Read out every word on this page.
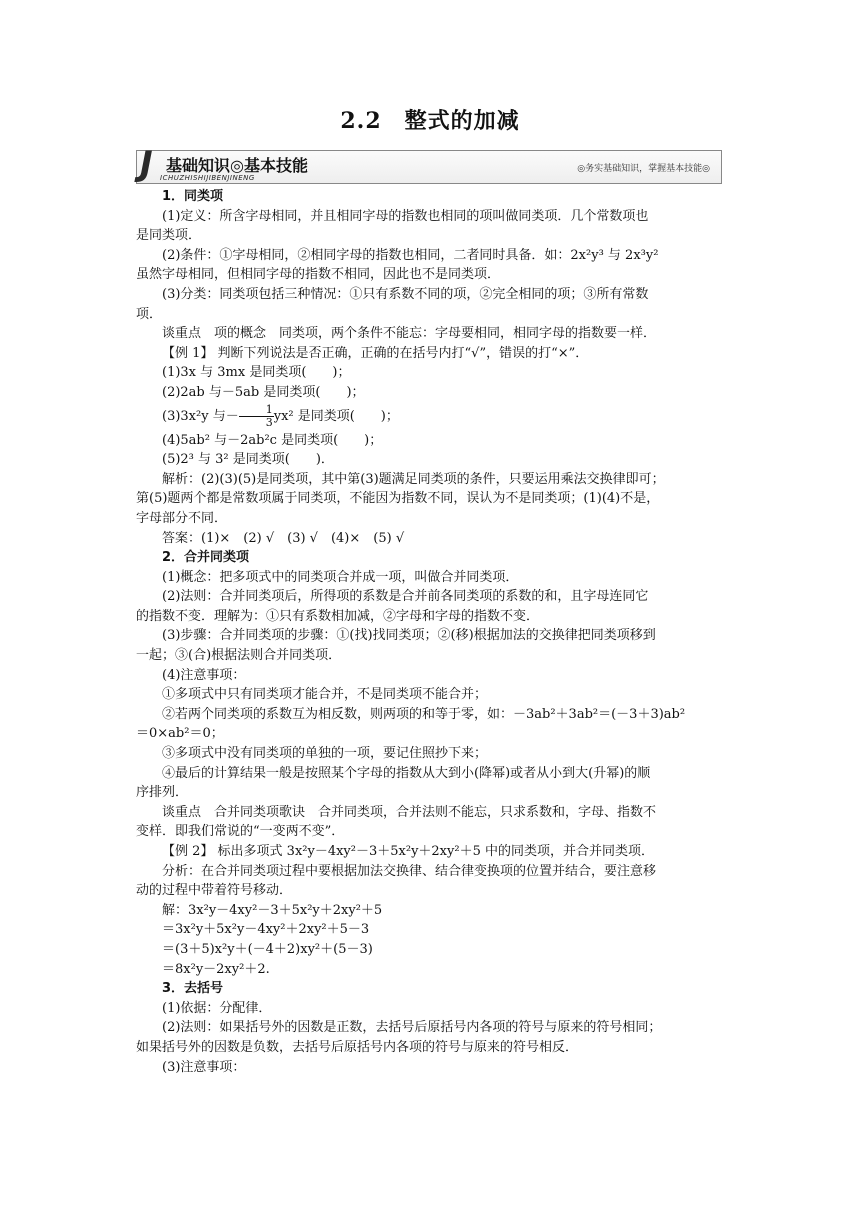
2.2　整式的加减
J 基础知识◎基本技能
ICHUZHISHIJIBENJINENG
◎务实基础知识，掌握基本技能◎

1．同类项

(1)定义：所含字母相同，并且相同字母的指数也相同的项叫做同类项．几个常数项也

是同类项．

(2)条件：①字母相同，②相同字母的指数也相同，二者同时具备．如：2x²y³ 与 2x³y²

虽然字母相同，但相同字母的指数不相同，因此也不是同类项．

(3)分类：同类项包括三种情况：①只有系数不同的项，②完全相同的项；③所有常数

项．

谈重点　项的概念　同类项，两个条件不能忘：字母要相同，相同字母的指数要一样．

【例 1】 判断下列说法是否正确，正确的在括号内打“√”，错误的打“×”．

(1)3x 与 3mx 是同类项(　　)；

(2)2ab 与－5ab 是同类项(　　)；

(3)3x²y 与－ $\frac{1}{3} yx^2$ 是同类项(　　)；

(4)5ab² 与－2ab²c 是同类项(　　)；

(5)2³ 与 3² 是同类项(　　)．

解析：(2)(3)(5)是同类项，其中第(3)题满足同类项的条件，只要运用乘法交换律即可；

第(5)题两个都是常数项属于同类项，不能因为指数不同，误认为不是同类项；(1)(4)不是，

字母部分不同．

答案：(1)×　(2) √　(3) √　(4)×　(5) √

2．合并同类项

(1)概念：把多项式中的同类项合并成一项，叫做合并同类项．

(2)法则：合并同类项后，所得项的系数是合并前各同类项的系数的和，且字母连同它

的指数不变．理解为：①只有系数相加减，②字母和字母的指数不变．

(3)步骤：合并同类项的步骤：①(找)找同类项；②(移)根据加法的交换律把同类项移到

一起；③(合)根据法则合并同类项．

(4)注意事项：

①多项式中只有同类项才能合并，不是同类项不能合并；

②若两个同类项的系数互为相反数，则两项的和等于零，如：－3ab²＋3ab²＝(－3＋3)ab²

＝0×ab²＝0；

③多项式中没有同类项的单独的一项，要记住照抄下来；

④最后的计算结果一般是按照某个字母的指数从大到小(降幂)或者从小到大(升幂)的顺

序排列．

谈重点　合并同类项歌诀　合并同类项，合并法则不能忘，只求系数和，字母、指数不

变样．即我们常说的“一变两不变”．

【例 2】 标出多项式 3x²y－4xy²－3＋5x²y＋2xy²＋5 中的同类项，并合并同类项．

分析：在合并同类项过程中要根据加法交换律、结合律变换项的位置并结合，要注意移

动的过程中带着符号移动．

解：3x²y－4xy²－3＋5x²y＋2xy²＋5

＝3x²y＋5x²y－4xy²＋2xy²＋5－3

＝(3＋5)x²y＋(－4＋2)xy²＋(5－3)

＝8x²y－2xy²＋2.

3．去括号

(1)依据：分配律．

(2)法则：如果括号外的因数是正数，去括号后原括号内各项的符号与原来的符号相同；

如果括号外的因数是负数，去括号后原括号内各项的符号与原来的符号相反．

(3)注意事项：
